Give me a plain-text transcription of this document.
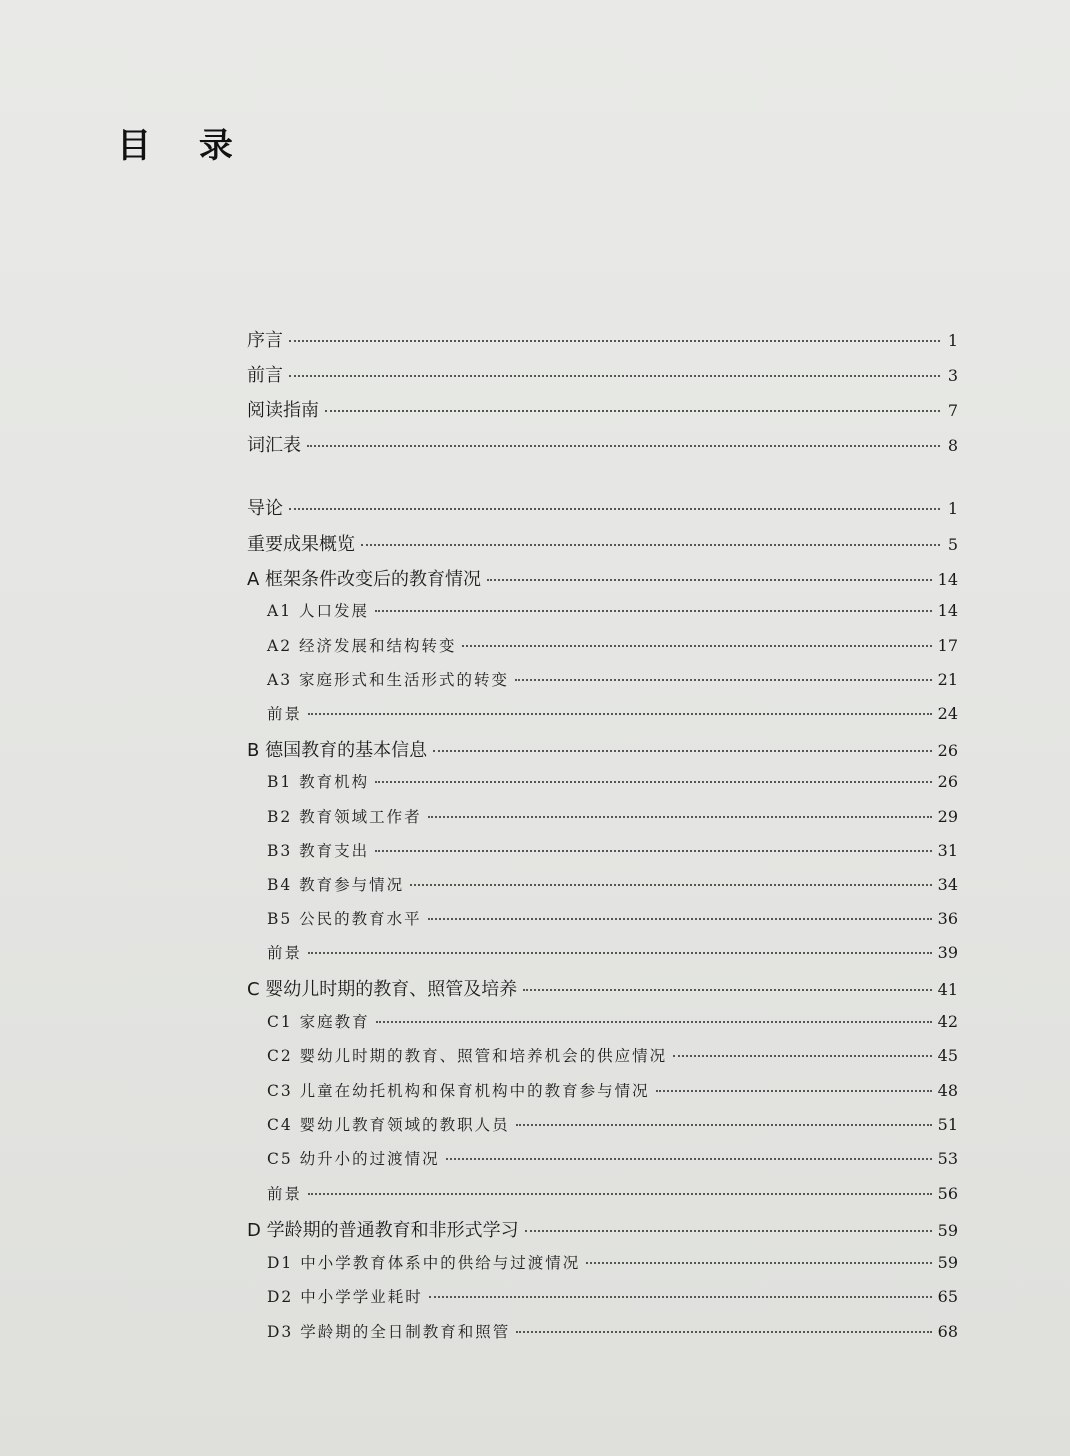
目 录
序言	1
前言	3
阅读指南	7
词汇表	8
导论	1
重要成果概览	5
A 框架条件改变后的教育情况	14
A1 人口发展	14
A2 经济发展和结构转变	17
A3 家庭形式和生活形式的转变	21
前景	24
B 德国教育的基本信息	26
B1 教育机构	26
B2 教育领域工作者	29
B3 教育支出	31
B4 教育参与情况	34
B5 公民的教育水平	36
前景	39
C 婴幼儿时期的教育、照管及培养	41
C1 家庭教育	42
C2 婴幼儿时期的教育、照管和培养机会的供应情况	45
C3 儿童在幼托机构和保育机构中的教育参与情况	48
C4 婴幼儿教育领域的教职人员	51
C5 幼升小的过渡情况	53
前景	56
D 学龄期的普通教育和非形式学习	59
D1 中小学教育体系中的供给与过渡情况	59
D2 中小学学业耗时	65
D3 学龄期的全日制教育和照管	68
